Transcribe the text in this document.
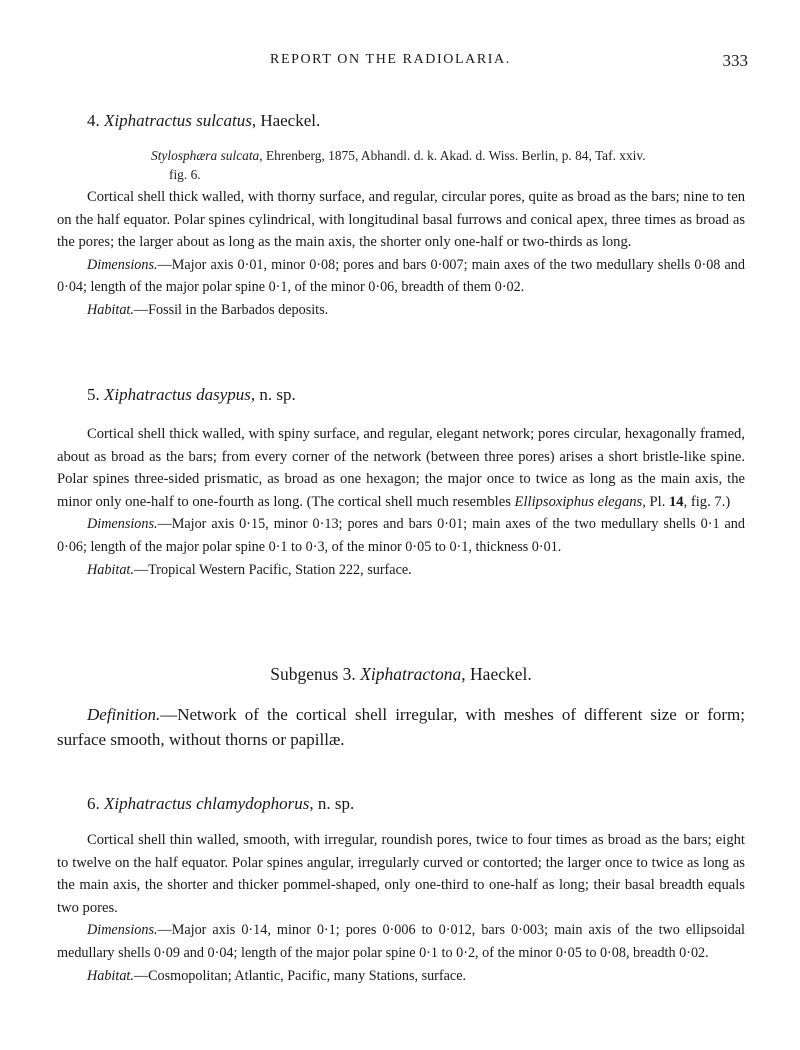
REPORT ON THE RADIOLARIA.	333
4. Xiphatractus sulcatus, Haeckel.
Stylosphæra sulcata, Ehrenberg, 1875, Abhandl. d. k. Akad. d. Wiss. Berlin, p. 84, Taf. xxiv.
fig. 6.

Cortical shell thick walled, with thorny surface, and regular, circular pores, quite as broad as the bars; nine to ten on the half equator. Polar spines cylindrical, with longitudinal basal furrows and conical apex, three times as broad as the pores; the larger about as long as the main axis, the shorter only one-half or two-thirds as long.

Dimensions.—Major axis 0·01, minor 0·08; pores and bars 0·007; main axes of the two medullary shells 0·08 and 0·04; length of the major polar spine 0·1, of the minor 0·06, breadth of them 0·02.

Habitat.—Fossil in the Barbados deposits.

5. Xiphatractus dasypus, n. sp.

Cortical shell thick walled, with spiny surface, and regular, elegant network; pores circular, hexagonally framed, about as broad as the bars; from every corner of the network (between three pores) arises a short bristle-like spine. Polar spines three-sided prismatic, as broad as one hexagon; the major once to twice as long as the main axis, the minor only one-half to one-fourth as long. (The cortical shell much resembles Ellipsoxiphus elegans, Pl. 14, fig. 7.)

Dimensions.—Major axis 0·15, minor 0·13; pores and bars 0·01; main axes of the two medullary shells 0·1 and 0·06; length of the major polar spine 0·1 to 0·3, of the minor 0·05 to 0·1, thickness 0·01.

Habitat.—Tropical Western Pacific, Station 222, surface.

Subgenus 3. Xiphatractona, Haeckel.

Definition.—Network of the cortical shell irregular, with meshes of different size or form; surface smooth, without thorns or papillæ.

6. Xiphatractus chlamydophorus, n. sp.

Cortical shell thin walled, smooth, with irregular, roundish pores, twice to four times as broad as the bars; eight to twelve on the half equator. Polar spines angular, irregularly curved or contorted; the larger once to twice as long as the main axis, the shorter and thicker pommel-shaped, only one-third to one-half as long; their basal breadth equals two pores.

Dimensions.—Major axis 0·14, minor 0·1; pores 0·006 to 0·012, bars 0·003; main axis of the two ellipsoidal medullary shells 0·09 and 0·04; length of the major polar spine 0·1 to 0·2, of the minor 0·05 to 0·08, breadth 0·02.

Habitat.—Cosmopolitan; Atlantic, Pacific, many Stations, surface.
